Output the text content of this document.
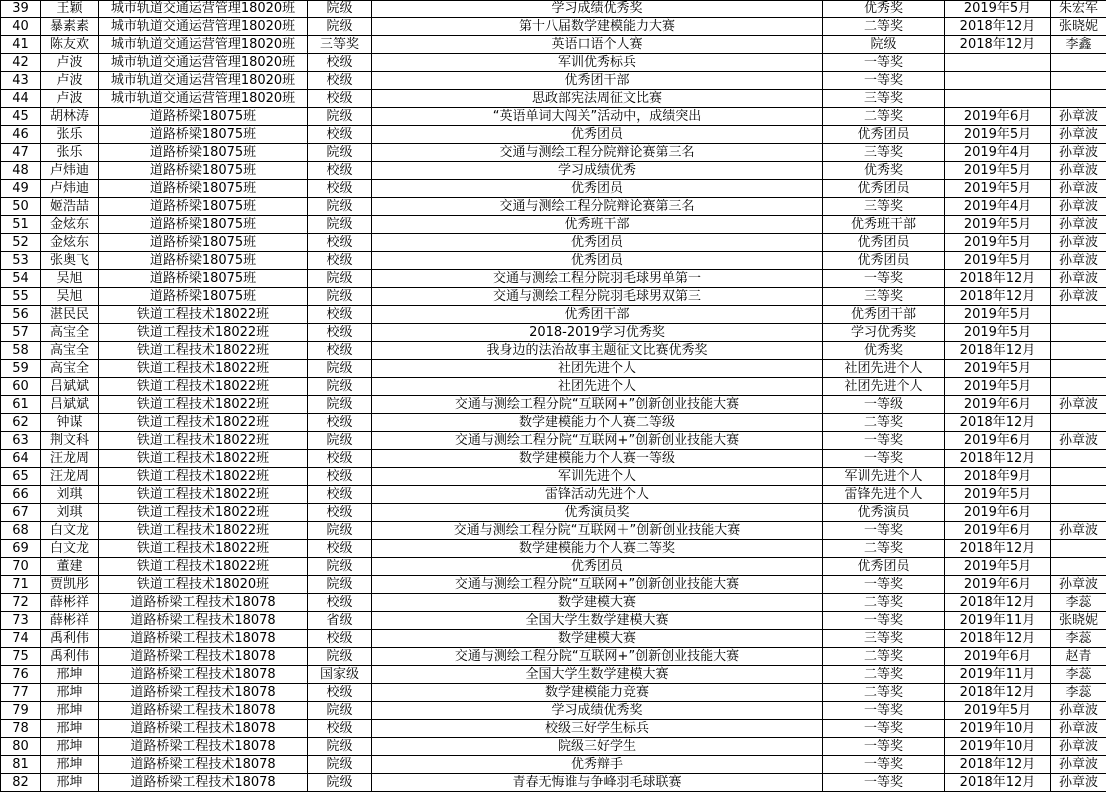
39	王颖	城市轨道交通运营管理18020班	院级	学习成绩优秀奖	优秀奖	2019年5月	朱宏军
40	暴素素	城市轨道交通运营管理18020班	院级	第十八届数学建模能力大赛	二等奖	2018年12月	张晓妮
41	陈友欢	城市轨道交通运营管理18020班	三等奖	英语口语个人赛	院级	2018年12月	李鑫
42	卢波	城市轨道交通运营管理18020班	校级	军训优秀标兵	一等奖		
43	卢波	城市轨道交通运营管理18020班	校级	优秀团干部	一等奖		
44	卢波	城市轨道交通运营管理18020班	校级	思政部宪法周征文比赛	三等奖		
45	胡林涛	道路桥梁18075班	院级	“英语单词大闯关”活动中，成绩突出	二等奖	2019年6月	孙章波
46	张乐	道路桥梁18075班	校级	优秀团员	优秀团员	2019年5月	孙章波
47	张乐	道路桥梁18075班	院级	交通与测绘工程分院辩论赛第三名	三等奖	2019年4月	孙章波
48	卢炜迪	道路桥梁18075班	校级	学习成绩优秀	优秀奖	2019年5月	孙章波
49	卢炜迪	道路桥梁18075班	校级	优秀团员	优秀团员	2019年5月	孙章波
50	姬浩喆	道路桥梁18075班	院级	交通与测绘工程分院辩论赛第三名	三等奖	2019年4月	孙章波
51	金炫东	道路桥梁18075班	院级	优秀班干部	优秀班干部	2019年5月	孙章波
52	金炫东	道路桥梁18075班	校级	优秀团员	优秀团员	2019年5月	孙章波
53	张奥飞	道路桥梁18075班	校级	优秀团员	优秀团员	2019年5月	孙章波
54	吴旭	道路桥梁18075班	院级	交通与测绘工程分院羽毛球男单第一	一等奖	2018年12月	孙章波
55	吴旭	道路桥梁18075班	院级	交通与测绘工程分院羽毛球男双第三	三等奖	2018年12月	孙章波
56	湛民民	铁道工程技术18022班	校级	优秀团干部	优秀团干部	2019年5月	
57	高宝全	铁道工程技术18022班	校级	2018-2019学习优秀奖	学习优秀奖	2019年5月	
58	高宝全	铁道工程技术18022班	校级	我身边的法治故事主题征文比赛优秀奖	优秀奖	2018年12月	
59	高宝全	铁道工程技术18022班	院级	社团先进个人	社团先进个人	2019年5月	
60	吕斌斌	铁道工程技术18022班	院级	社团先进个人	社团先进个人	2019年5月	
61	吕斌斌	铁道工程技术18022班	院级	交通与测绘工程分院“互联网+”创新创业技能大赛	一等级	2019年6月	孙章波
62	钟谋	铁道工程技术18022班	校级	数学建模能力个人赛二等级	二等奖	2018年12月	
63	荆文科	铁道工程技术18022班	院级	交通与测绘工程分院“互联网+”创新创业技能大赛	一等奖	2019年6月	孙章波
64	汪龙周	铁道工程技术18022班	校级	数学建模能力个人赛一等级	一等奖	2018年12月	
65	汪龙周	铁道工程技术18022班	校级	军训先进个人	军训先进个人	2018年9月	
66	刘琪	铁道工程技术18022班	校级	雷锋活动先进个人	雷锋先进个人	2019年5月	
67	刘琪	铁道工程技术18022班	校级	优秀演员奖	优秀演员	2019年6月	
68	白文龙	铁道工程技术18022班	院级	交通与测绘工程分院“互联网＋”创新创业技能大赛	一等奖	2019年6月	孙章波
69	白文龙	铁道工程技术18022班	校级	数学建模能力个人赛二等奖	二等奖	2018年12月	
70	董建	铁道工程技术18022班	院级	优秀团员	优秀团员	2019年5月	
71	贾凯彤	铁道工程技术18020班	院级	交通与测绘工程分院“互联网+”创新创业技能大赛	一等奖	2019年6月	孙章波
72	薛彬祥	道路桥梁工程技术18078	校级	数学建模大赛	二等奖	2018年12月	李蕊
73	薛彬祥	道路桥梁工程技术18078	省级	全国大学生数学建模大赛	一等奖	2019年11月	张晓妮
74	禹利伟	道路桥梁工程技术18078	校级	数学建模大赛	三等奖	2018年12月	李蕊
75	禹利伟	道路桥梁工程技术18078	院级	交通与测绘工程分院“互联网+”创新创业技能大赛	二等奖	2019年6月	赵青
76	邢坤	道路桥梁工程技术18078	国家级	全国大学生数学建模大赛	二等奖	2019年11月	李蕊
77	邢坤	道路桥梁工程技术18078	校级	数学建模能力竞赛	二等奖	2018年12月	李蕊
79	邢坤	道路桥梁工程技术18078	院级	学习成绩优秀奖	一等奖	2019年5月	孙章波
78	邢坤	道路桥梁工程技术18078	校级	校级三好学生标兵	一等奖	2019年10月	孙章波
80	邢坤	道路桥梁工程技术18078	院级	院级三好学生	一等奖	2019年10月	孙章波
81	邢坤	道路桥梁工程技术18078	院级	优秀辩手	一等奖	2018年12月	孙章波
82	邢坤	道路桥梁工程技术18078	院级	青春无悔谁与争峰羽毛球联赛	一等奖	2018年12月	孙章波
